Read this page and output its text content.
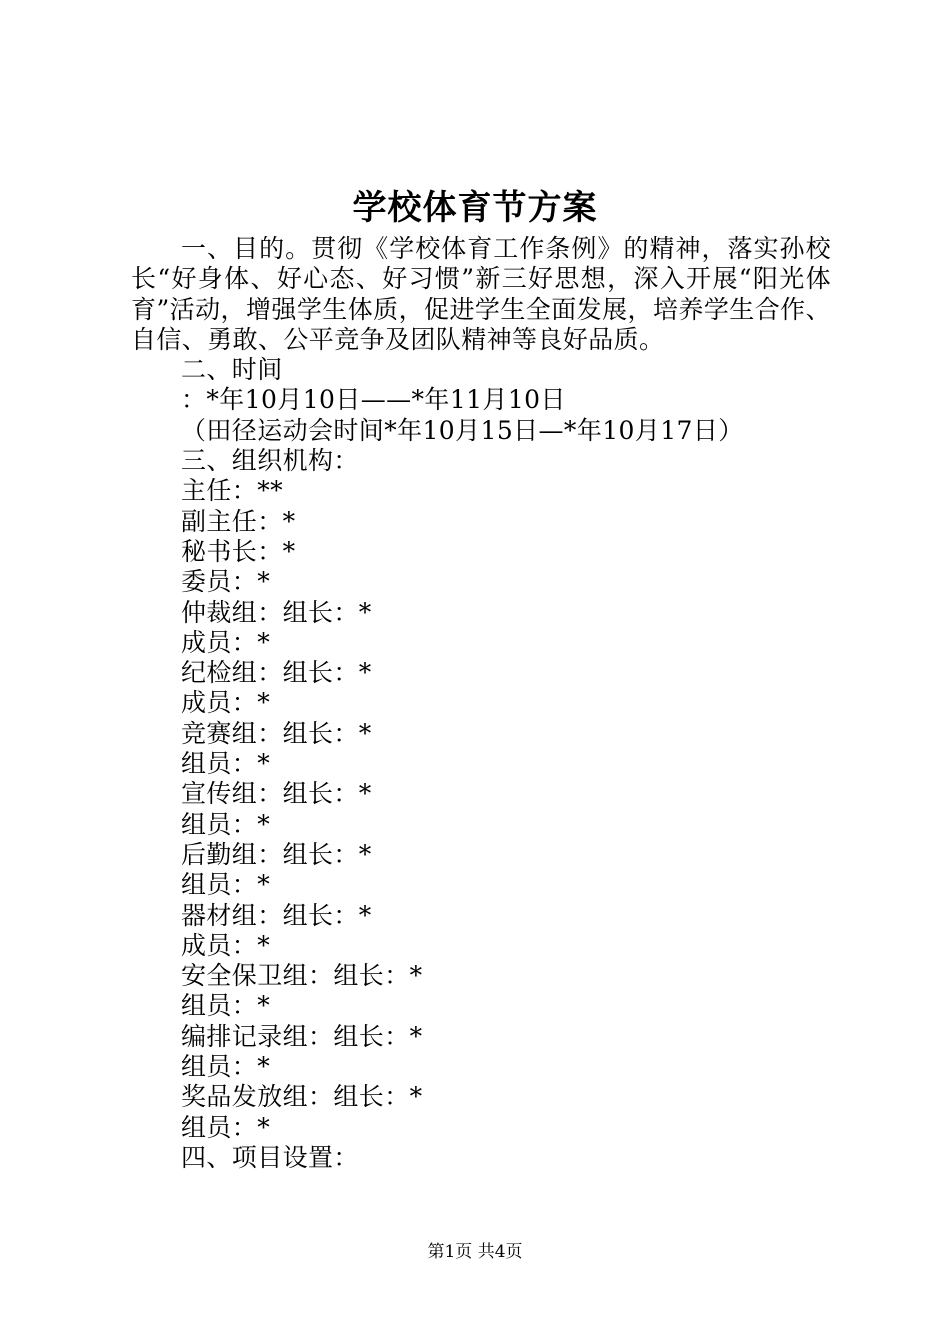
学校体育节方案

一、目的。贯彻《学校体育工作条例》的精神，落实孙校长“好身体、好心态、好习惯”新三好思想，深入开展“阳光体育”活动，增强学生体质，促进学生全面发展，培养学生合作、自信、勇敢、公平竞争及团队精神等良好品质。

二、时间

：*年10月10日——*年11月10日

（田径运动会时间*年10月15日—*年10月17日）

三、组织机构：

主任：**

副主任：*

秘书长：*

委员：*

仲裁组：组长：*

成员：*

纪检组：组长：*

成员：*

竞赛组：组长：*

组员：*

宣传组：组长：*

组员：*

后勤组：组长：*

组员：*

器材组：组长：*

成员：*

安全保卫组：组长：*

组员：*

编排记录组：组长：*

组员：*

奖品发放组：组长：*

组员：*

四、项目设置：

第1页 共4页
